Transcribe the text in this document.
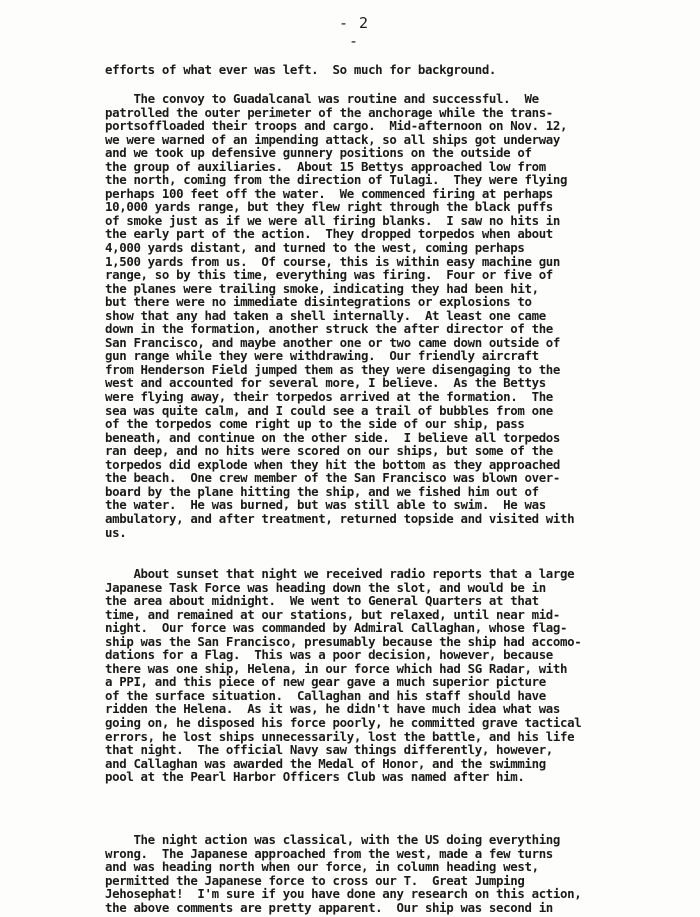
- 2 -
efforts of what ever was left.  So much for background.
The convoy to Guadalcanal was routine and successful.  We
patrolled the outer perimeter of the anchorage while the trans-
portsoffloaded their troops and cargo.  Mid-afternoon on Nov. 12,
we were warned of an impending attack, so all ships got underway
and we took up defensive gunnery positions on the outside of
the group of auxiliaries.  About 15 Bettys approached low from
the north, coming from the direction of Tulagi.  They were flying
perhaps 100 feet off the water.  We commenced firing at perhaps
10,000 yards range, but they flew right through the black puffs
of smoke just as if we were all firing blanks.  I saw no hits in
the early part of the action.  They dropped torpedos when about
4,000 yards distant, and turned to the west, coming perhaps
1,500 yards from us.  Of course, this is within easy machine gun
range, so by this time, everything was firing.  Four or five of
the planes were trailing smoke, indicating they had been hit,
but there were no immediate disintegrations or explosions to
show that any had taken a shell internally.  At least one came
down in the formation, another struck the after director of the
San Francisco, and maybe another one or two came down outside of
gun range while they were withdrawing.  Our friendly aircraft
from Henderson Field jumped them as they were disengaging to the
west and accounted for several more, I believe.  As the Bettys
were flying away, their torpedos arrived at the formation.  The
sea was quite calm, and I could see a trail of bubbles from one
of the torpedos come right up to the side of our ship, pass
beneath, and continue on the other side.  I believe all torpedos
ran deep, and no hits were scored on our ships, but some of the
torpedos did explode when they hit the bottom as they approached
the beach.  One crew member of the San Francisco was blown over-
board by the plane hitting the ship, and we fished him out of
the water.  He was burned, but was still able to swim.  He was
ambulatory, and after treatment, returned topside and visited with
us.
About sunset that night we received radio reports that a large
Japanese Task Force was heading down the slot, and would be in
the area about midnight.  We went to General Quarters at that
time, and remained at our stations, but relaxed, until near mid-
night.  Our force was commanded by Admiral Callaghan, whose flag-
ship was the San Francisco, presumably because the ship had accomo-
dations for a Flag.  This was a poor decision, however, because
there was one ship, Helena, in our force which had SG Radar, with
a PPI, and this piece of new gear gave a much superior picture
of the surface situation.  Callaghan and his staff should have
ridden the Helena.  As it was, he didn't have much idea what was
going on, he disposed his force poorly, he committed grave tactical
errors, he lost ships unnecessarily, lost the battle, and his life
that night.  The official Navy saw things differently, however,
and Callaghan was awarded the Medal of Honor, and the swimming
pool at the Pearl Harbor Officers Club was named after him.
The night action was classical, with the US doing everything
wrong.  The Japanese approached from the west, made a few turns
and was heading north when our force, in column heading west,
permitted the Japanese force to cross our T.  Great Jumping
Jehosephat!  I'm sure if you have done any research on this action,
the above comments are pretty apparent.  Our ship was second in
